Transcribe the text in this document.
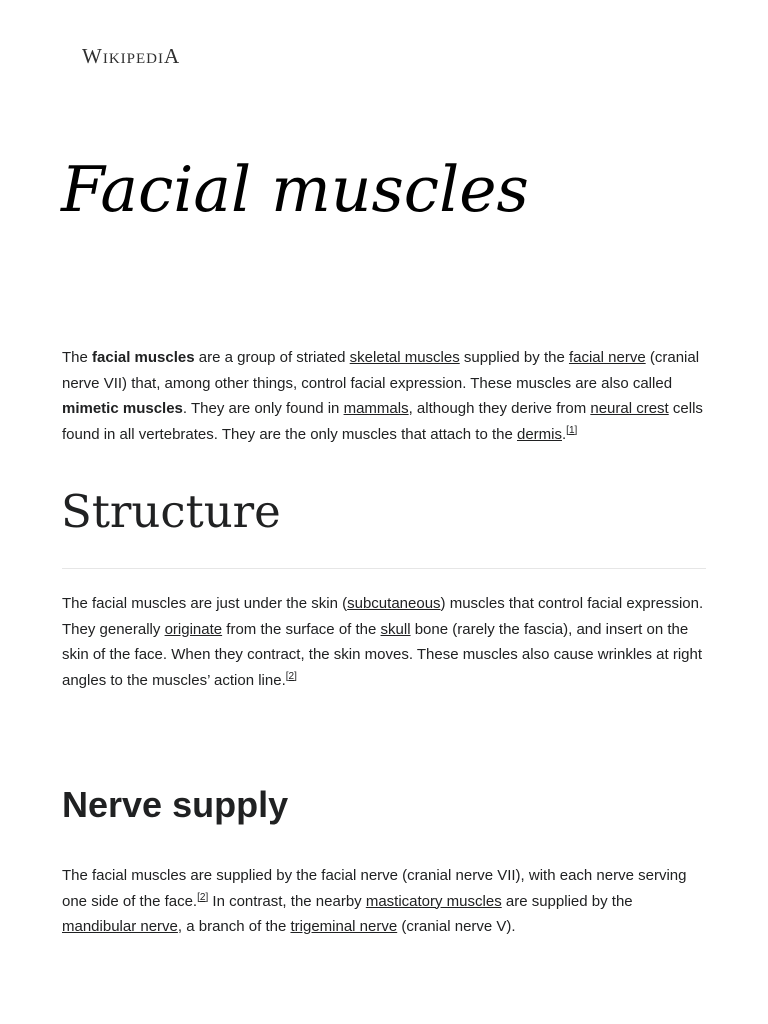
WIKIPEDIA
Facial muscles

The facial muscles are a group of striated skeletal muscles supplied by the facial nerve (cranial nerve VII) that, among other things, control facial expression. These muscles are also called mimetic muscles. They are only found in mammals, although they derive from neural crest cells found in all vertebrates. They are the only muscles that attach to the dermis.[1]

Structure

The facial muscles are just under the skin (subcutaneous) muscles that control facial expression. They generally originate from the surface of the skull bone (rarely the fascia), and insert on the skin of the face. When they contract, the skin moves. These muscles also cause wrinkles at right angles to the muscles’ action line.[2]

Nerve supply

The facial muscles are supplied by the facial nerve (cranial nerve VII), with each nerve serving one side of the face.[2] In contrast, the nearby masticatory muscles are supplied by the mandibular nerve, a branch of the trigeminal nerve (cranial nerve V).
